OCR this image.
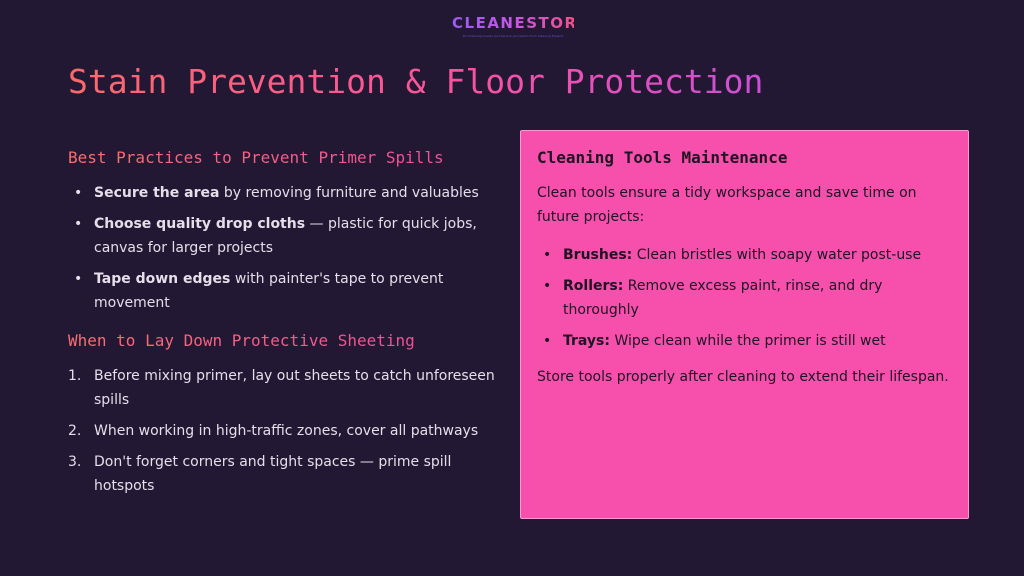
CLEANESTOR
Pro Cleaning Guides And Service Journalism From Cleaning Experts
Stain Prevention & Floor Protection
Best Practices to Prevent Primer Spills
• Secure the area by removing furniture and valuables
• Choose quality drop cloths — plastic for quick jobs, canvas for larger projects
• Tape down edges with painter's tape to prevent movement
When to Lay Down Protective Sheeting
1. Before mixing primer, lay out sheets to catch unforeseen spills
2. When working in high-traffic zones, cover all pathways
3. Don't forget corners and tight spaces — prime spill hotspots
Cleaning Tools Maintenance

Clean tools ensure a tidy workspace and save time on future projects:

• Brushes: Clean bristles with soapy water post-use
• Rollers: Remove excess paint, rinse, and dry thoroughly
• Trays: Wipe clean while the primer is still wet

Store tools properly after cleaning to extend their lifespan.
